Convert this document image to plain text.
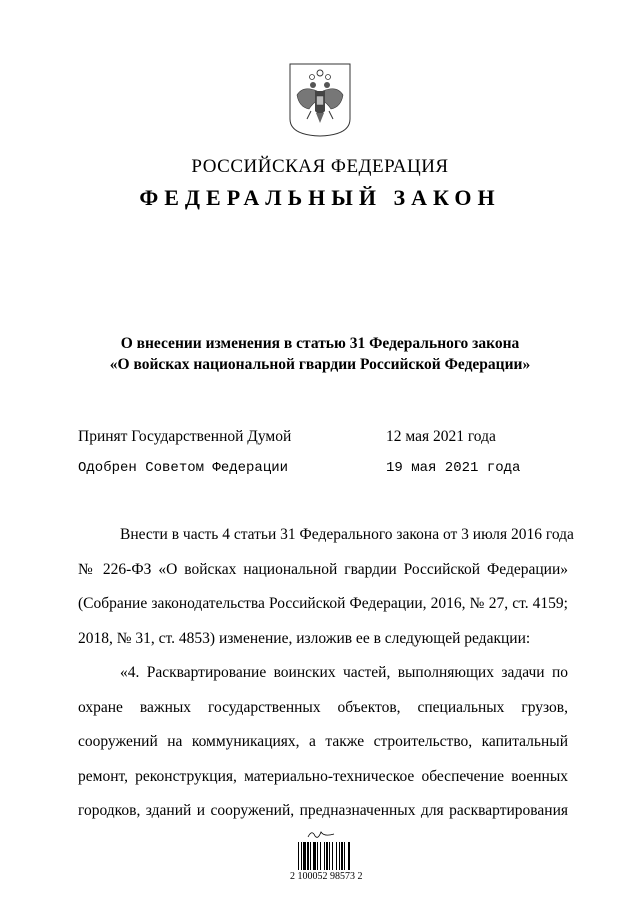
РОССИЙСКАЯ ФЕДЕРАЦИЯ
ФЕДЕРАЛЬНЫЙ ЗАКОН
О внесении изменения в статью 31 Федерального закона
«О войсках национальной гвардии Российской Федерации»
Принят Государственной Думой	12 мая 2021 года
Одобрен Советом Федерации	19 мая 2021 года
Внести в часть 4 статьи 31 Федерального закона от 3 июля 2016 года
№ 226-ФЗ «О войсках национальной гвардии Российской Федерации»
(Собрание законодательства Российской Федерации, 2016, № 27, ст. 4159;
2018, № 31, ст. 4853) изменение, изложив ее в следующей редакции:
«4. Расквартирование воинских частей, выполняющих задачи по
охране важных государственных объектов, специальных грузов,
сооружений на коммуникациях, а также строительство, капитальный
ремонт, реконструкция, материально-техническое обеспечение военных
городков, зданий и сооружений, предназначенных для расквартирования
2 100052 98573 2
